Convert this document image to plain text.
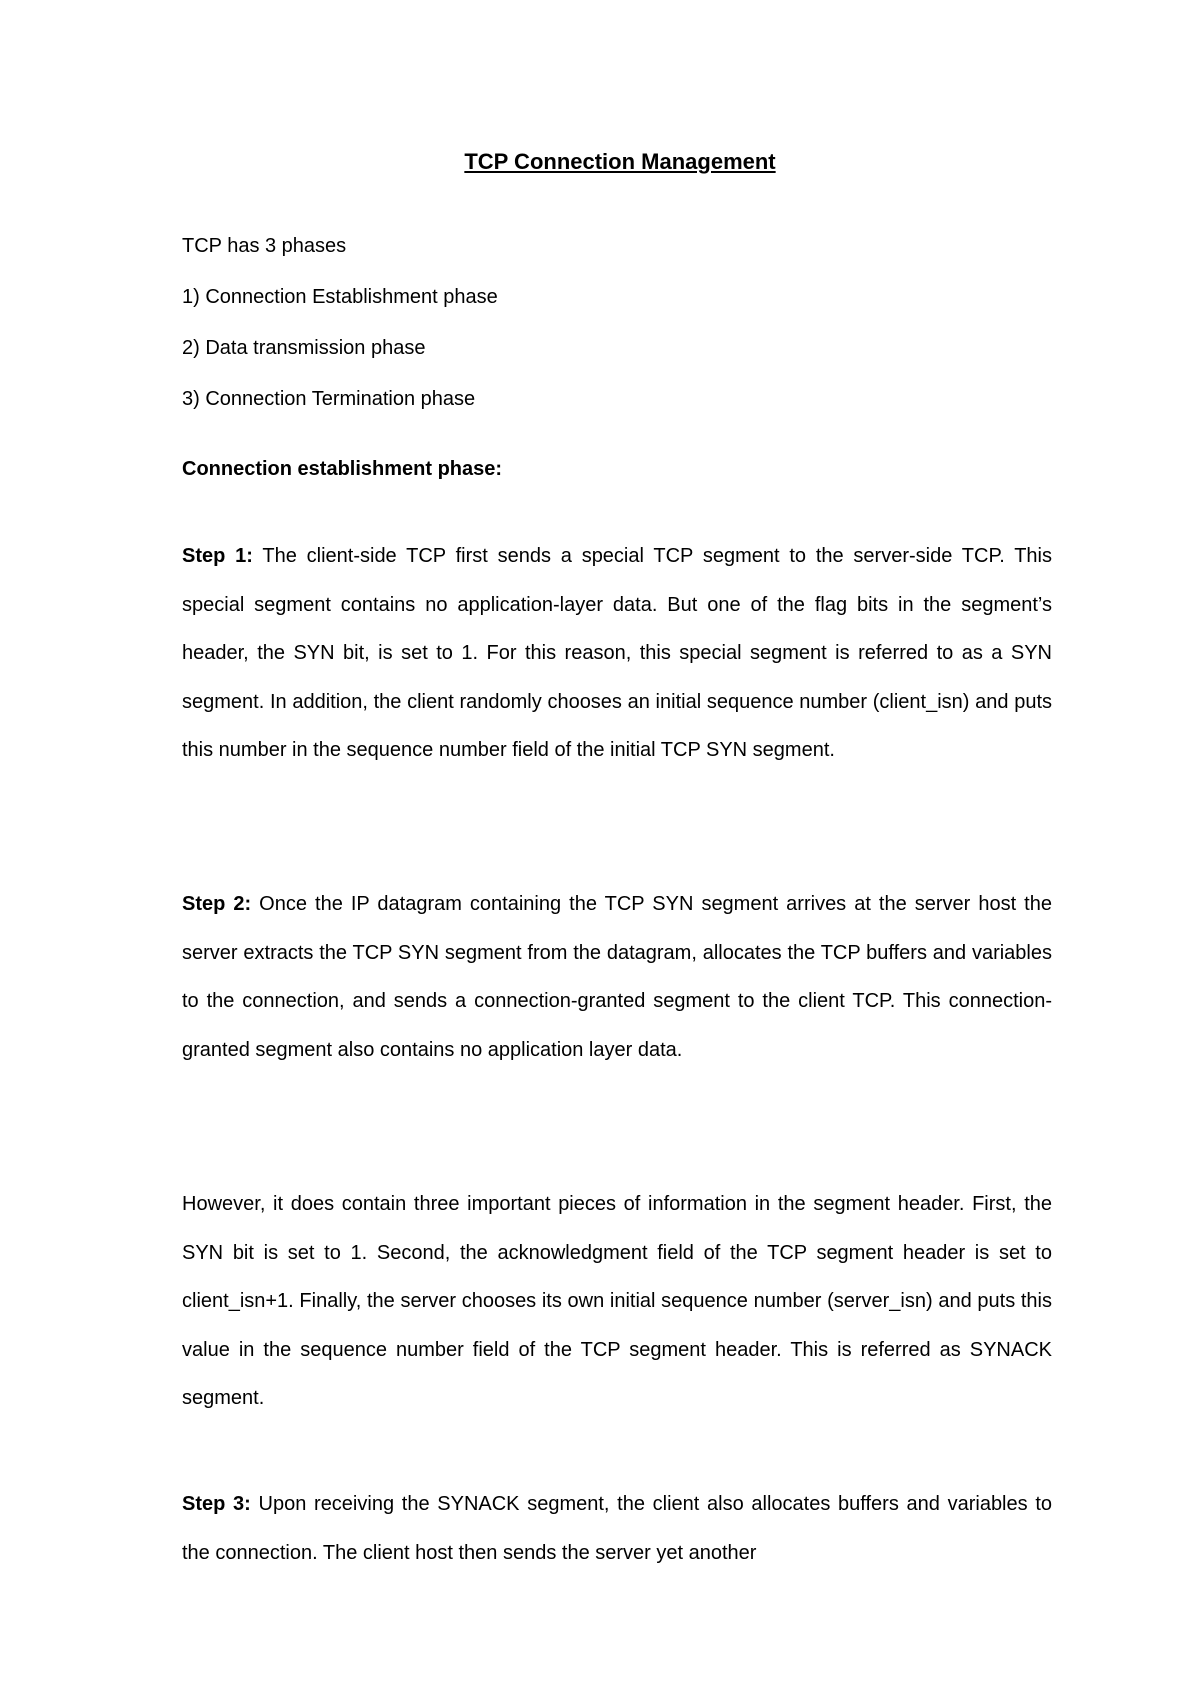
TCP Connection Management
TCP has 3 phases
1) Connection Establishment phase
2) Data transmission phase
3) Connection Termination phase
Connection establishment phase:
Step 1: The client-side TCP first sends a special TCP segment to the server-side TCP. This special segment contains no application-layer data. But one of the flag bits in the segment’s header, the SYN bit, is set to 1. For this reason, this special segment is referred to as a SYN segment. In addition, the client randomly chooses an initial sequence number (client_isn) and puts this number in the sequence number field of the initial TCP SYN segment.
Step 2: Once the IP datagram containing the TCP SYN segment arrives at the server host the server extracts the TCP SYN segment from the datagram, allocates the TCP buffers and variables to the connection, and sends a connection-granted segment to the client TCP. This connection-granted segment also contains no application layer data.
However, it does contain three important pieces of information in the segment header. First, the SYN bit is set to 1. Second, the acknowledgment field of the TCP segment header is set to client_isn+1. Finally, the server chooses its own initial sequence number (server_isn) and puts this value in the sequence number field of the TCP segment header. This is referred as SYNACK segment.
Step 3: Upon receiving the SYNACK segment, the client also allocates buffers and variables to the connection. The client host then sends the server yet another
